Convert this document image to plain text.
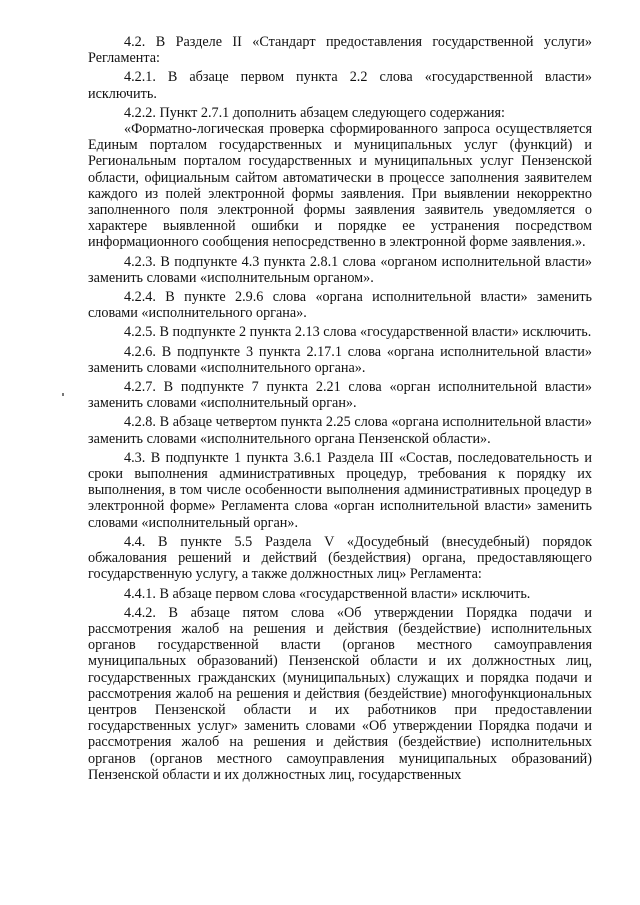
4.2. В Разделе II «Стандарт предоставления государственной услуги» Регламента:

4.2.1. В абзаце первом пункта 2.2 слова «государственной власти» исключить.

4.2.2. Пункт 2.7.1 дополнить абзацем следующего содержания:

«Форматно-логическая проверка сформированного запроса осуществляется Единым порталом государственных и муниципальных услуг (функций) и Региональным порталом государственных и муниципальных услуг Пензенской области, официальным сайтом автоматически в процессе заполнения заявителем каждого из полей электронной формы заявления. При выявлении некорректно заполненного поля электронной формы заявления заявитель уведомляется о характере выявленной ошибки и порядке ее устранения посредством информационного сообщения непосредственно в электронной форме заявления.».

4.2.3. В подпункте 4.3 пункта 2.8.1 слова «органом исполнительной власти» заменить словами «исполнительным органом».

4.2.4. В пункте 2.9.6 слова «органа исполнительной власти» заменить словами «исполнительного органа».

4.2.5. В подпункте 2 пункта 2.13 слова «государственной власти» исключить.

4.2.6. В подпункте 3 пункта 2.17.1 слова «органа исполнительной власти» заменить словами «исполнительного органа».

4.2.7. В подпункте 7 пункта 2.21 слова «орган исполнительной власти» заменить словами «исполнительный орган».

4.2.8. В абзаце четвертом пункта 2.25 слова «органа исполнительной власти» заменить словами «исполнительного органа Пензенской области».

4.3. В подпункте 1 пункта 3.6.1 Раздела III «Состав, последовательность и сроки выполнения административных процедур, требования к порядку их выполнения, в том числе особенности выполнения административных процедур в электронной форме» Регламента слова «орган исполнительной власти» заменить словами «исполнительный орган».

4.4. В пункте 5.5 Раздела V «Досудебный (внесудебный) порядок обжалования решений и действий (бездействия) органа, предоставляющего государственную услугу, а также должностных лиц» Регламента:

4.4.1. В абзаце первом слова «государственной власти» исключить.

4.4.2. В абзаце пятом слова «Об утверждении Порядка подачи и рассмотрения жалоб на решения и действия (бездействие) исполнительных органов государственной власти (органов местного самоуправления муниципальных образований) Пензенской области и их должностных лиц, государственных гражданских (муниципальных) служащих и порядка подачи и рассмотрения жалоб на решения и действия (бездействие) многофункциональных центров Пензенской области и их работников при предоставлении государственных услуг» заменить словами «Об утверждении Порядка подачи и рассмотрения жалоб на решения и действия (бездействие) исполнительных органов (органов местного самоуправления муниципальных образований) Пензенской области и их должностных лиц, государственных
